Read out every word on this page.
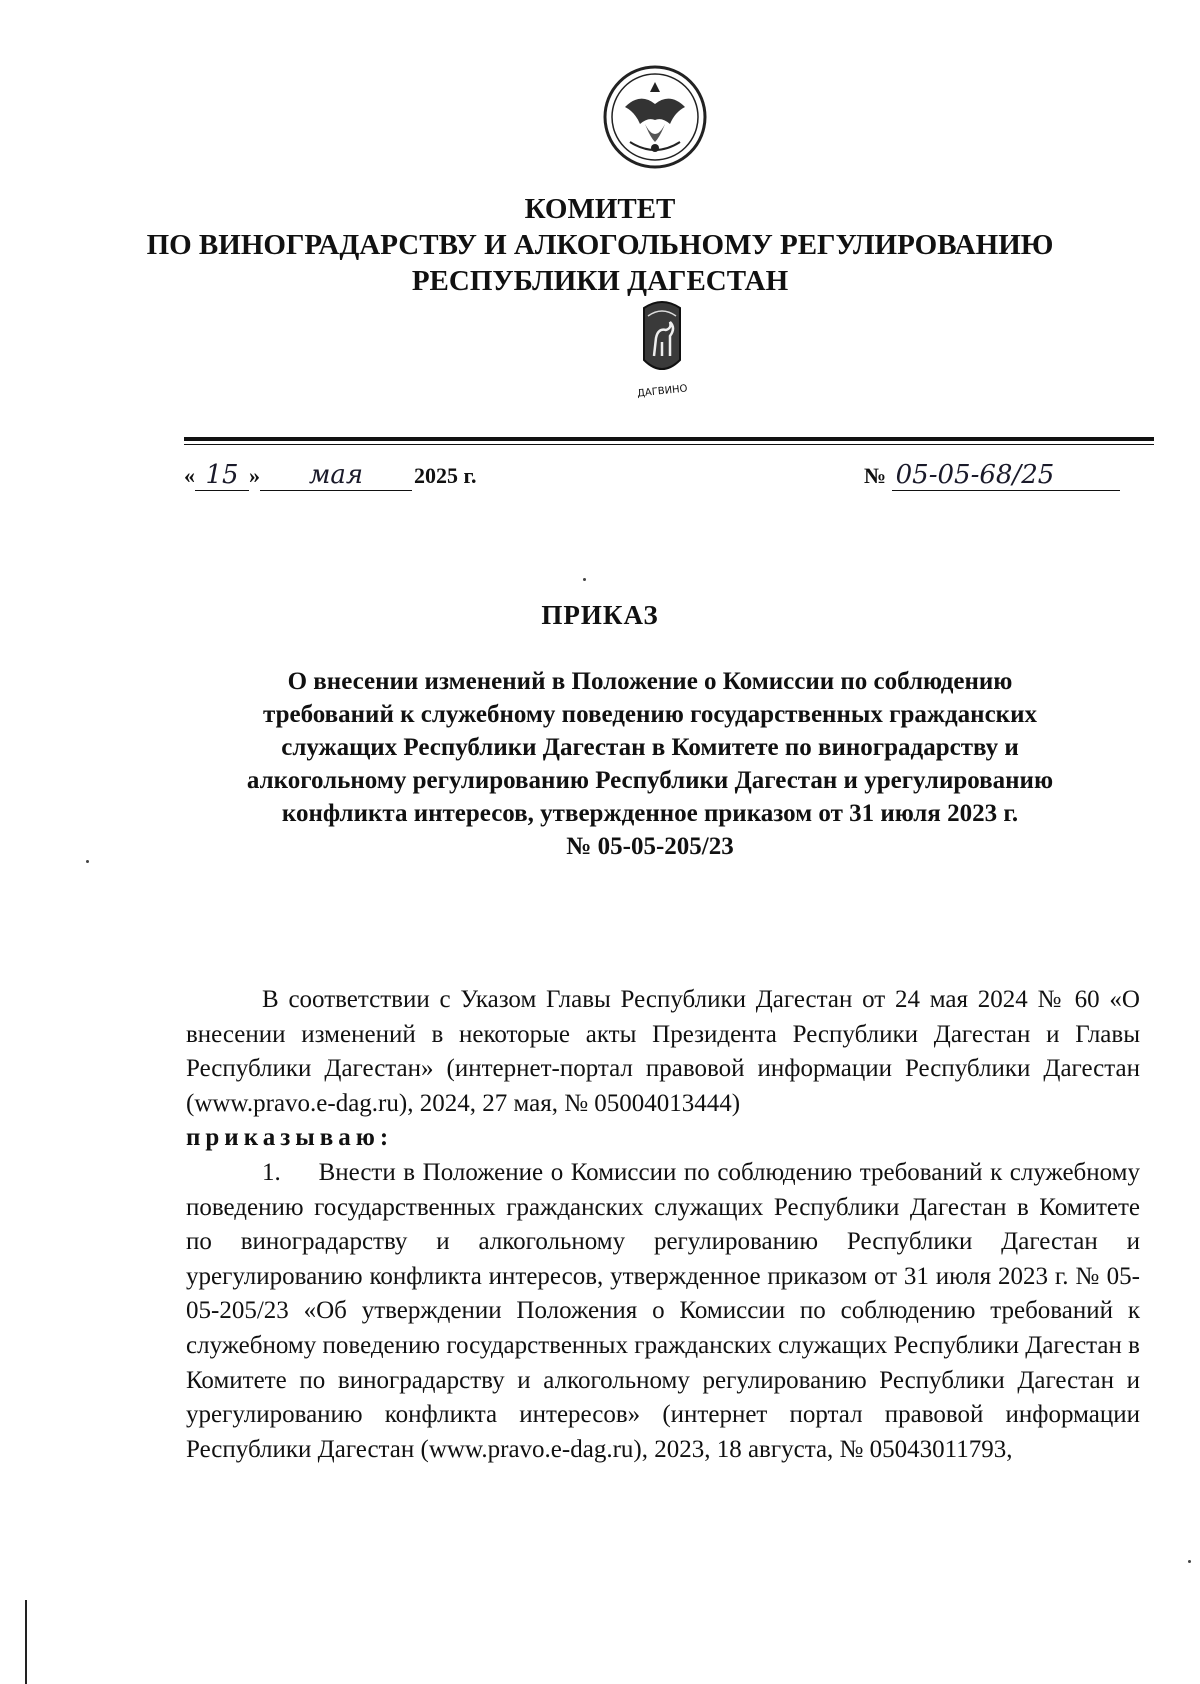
КОМИТЕТ
ПО ВИНОГРАДАРСТВУ И АЛКОГОЛЬНОМУ РЕГУЛИРОВАНИЮ
РЕСПУБЛИКИ ДАГЕСТАН
ДАГВИНО
« 15 » мая 2025 г.	№ 05-05-68/25
ПРИКАЗ
О внесении изменений в Положение о Комиссии по соблюдению
требований к служебному поведению государственных гражданских
служащих Республики Дагестан в Комитете по виноградарству и
алкогольному регулированию Республики Дагестан и урегулированию
конфликта интересов, утвержденное приказом от 31 июля 2023 г.
№ 05-05-205/23

В соответствии с Указом Главы Республики Дагестан от 24 мая 2024 № 60 «О внесении изменений в некоторые акты Президента Республики Дагестан и Главы Республики Дагестан» (интернет-портал правовой информации Республики Дагестан (www.pravo.e-dag.ru), 2024, 27 мая, № 05004013444)

приказываю:

1. Внести в Положение о Комиссии по соблюдению требований к служебному поведению государственных гражданских служащих Республики Дагестан в Комитете по виноградарству и алкогольному регулированию Республики Дагестан и урегулированию конфликта интересов, утвержденное приказом от 31 июля 2023 г. № 05-05-205/23 «Об утверждении Положения о Комиссии по соблюдению требований к служебному поведению государственных гражданских служащих Республики Дагестан в Комитете по виноградарству и алкогольному регулированию Республики Дагестан и урегулированию конфликта интересов» (интернет портал правовой информации Республики Дагестан (www.pravo.e-dag.ru), 2023, 18 августа, № 05043011793,
